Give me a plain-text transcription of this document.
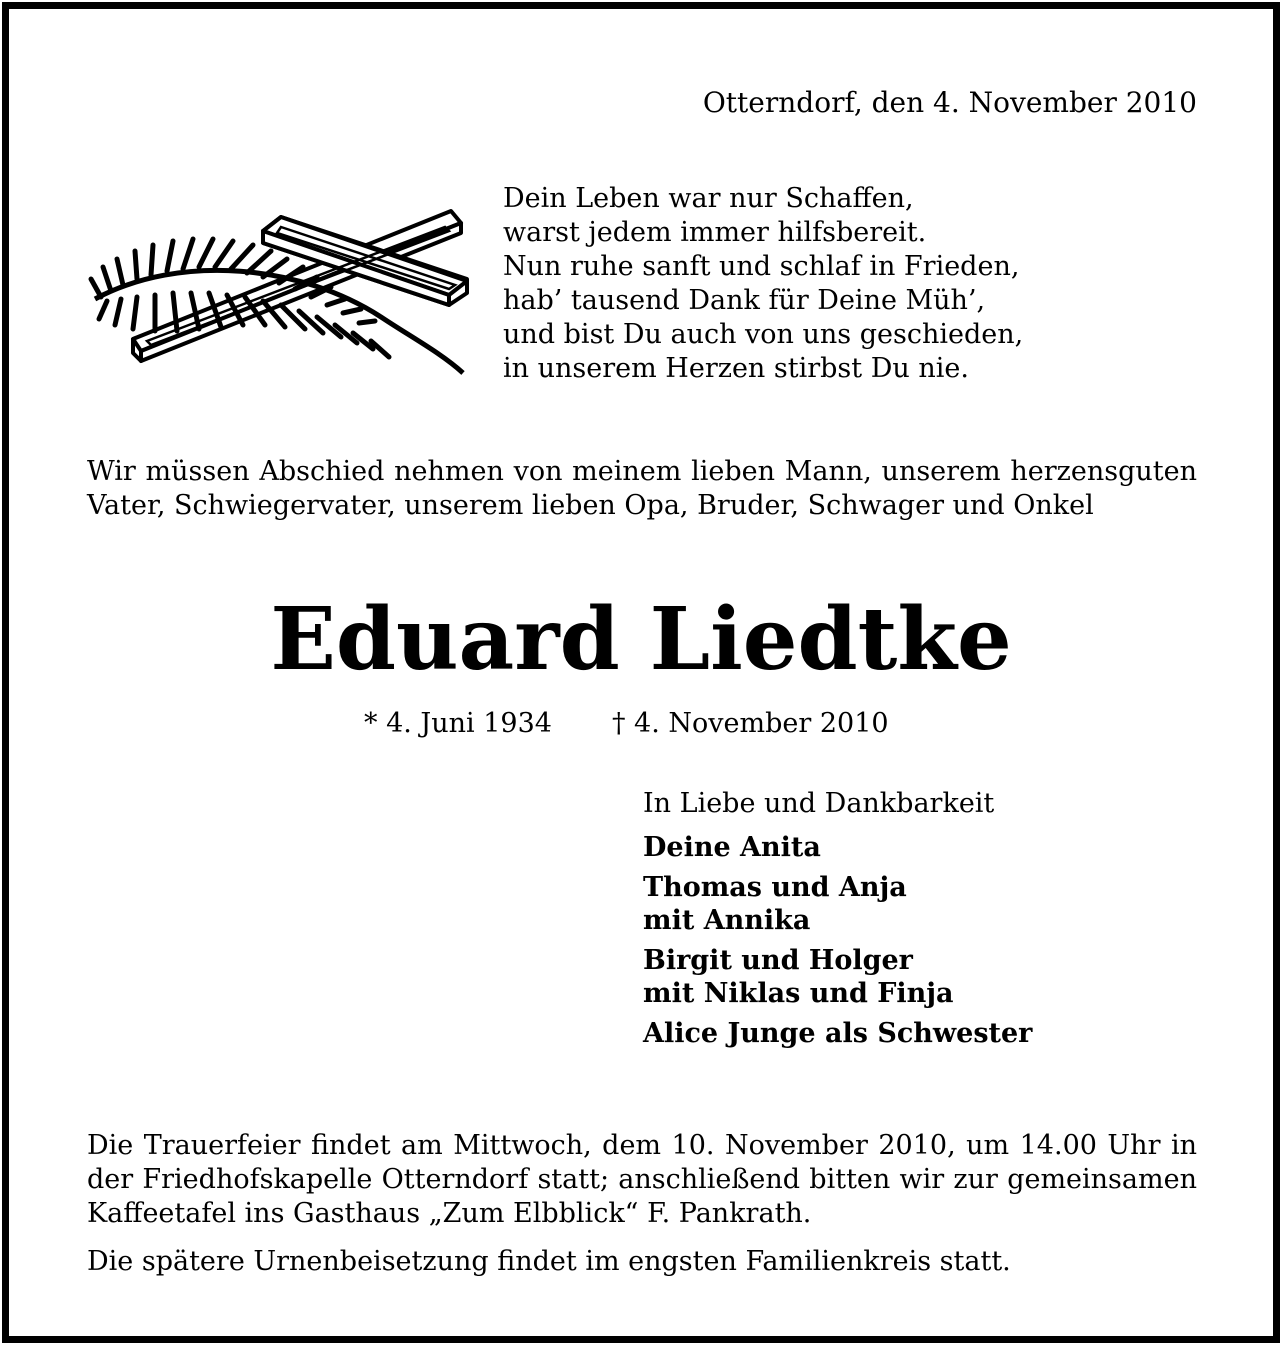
Otterndorf, den 4. November 2010
Dein Leben war nur Schaffen,
warst jedem immer hilfsbereit.
Nun ruhe sanft und schlaf in Frieden,
hab’ tausend Dank für Deine Müh’,
und bist Du auch von uns geschieden,
in unserem Herzen stirbst Du nie.

Wir müssen Abschied nehmen von meinem lieben Mann, unserem herzensguten Vater, Schwiegervater, unserem lieben Opa, Bruder, Schwager und Onkel

Eduard Liedtke
* 4. Juni 1934 † 4. November 2010
In Liebe und Dankbarkeit
Deine Anita
Thomas und Anja
mit Annika
Birgit und Holger
mit Niklas und Finja
Alice Junge als Schwester

Die Trauerfeier findet am Mittwoch, dem 10. November 2010, um 14.00 Uhr in der Friedhofskapelle Otterndorf statt; anschließend bitten wir zur gemeinsamen Kaffeetafel ins Gasthaus „Zum Elbblick“ F. Pankrath.

Die spätere Urnenbeisetzung findet im engsten Familienkreis statt.
